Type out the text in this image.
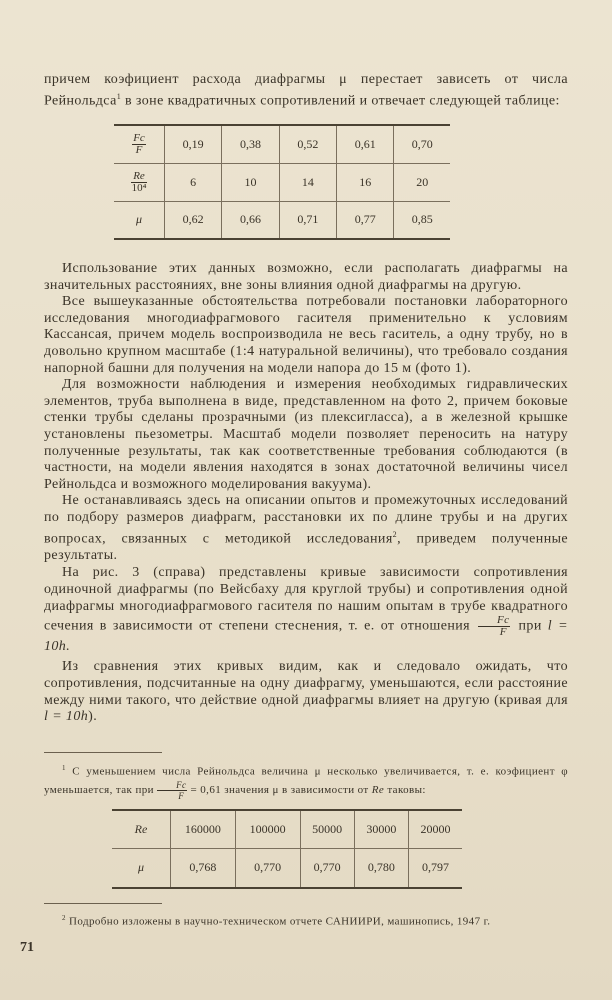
причем коэфициент расхода диафрагмы μ перестает зависеть от числа Рейнольдса$^1$ в зоне квадратичных сопротивлений и отвечает следующей таблице:

$\frac{Fc}{F}$	0,19	0,38	0,52	0,61	0,70

$\frac{Re}{\text{10⁴}}$	6	10	14	16	20
μ	0,62	0,66	0,71	0,77	0,85

Использование этих данных возможно, если располагать диафрагмы на значительных расстояниях, вне зоны влияния одной диафрагмы на другую.

Все вышеуказанные обстоятельства потребовали постановки лабораторного исследования многодиафрагмового гасителя применительно к условиям Кассансая, причем модель воспроизводила не весь гаситель, а одну трубу, но в довольно крупном масштабе (1:4 натуральной величины), что требовало создания напорной башни для получения на модели напора до 15 м (фото 1).

Для возможности наблюдения и измерения необходимых гидравлических элементов, труба выполнена в виде, представленном на фото 2, причем боковые стенки трубы сделаны прозрачными (из плексигласса), а в железной крышке установлены пьезометры. Масштаб модели позволяет переносить на натуру полученные результаты, так как соответственные требования соблюдаются (в частности, на модели явления находятся в зонах достаточной величины чисел Рейнольдса и возможного моделирования вакуума).

Не останавливаясь здесь на описании опытов и промежуточных исследований по подбору размеров диафрагм, расстановки их по длине трубы и на других вопросах, связанных с методикой исследования$^2$, приведем полученные результаты.

На рис. 3 (справа) представлены кривые зависимости сопротивления одиночной диафрагмы (по Вейсбаху для круглой трубы) и сопротивления одной диафрагмы многодиафрагмового гасителя по нашим опытам в трубе квадратного сечения в зависимости от степени стеснения, т. е. от отношения $\frac{Fc}{F}$ при l = 10h.

Из сравнения этих кривых видим, как и следовало ожидать, что сопротивления, подсчитанные на одну диафрагму, уменьшаются, если расстояние между ними такого, что действие одной диафрагмы влияет на другую (кривая для l = 10h).

$^1$ С уменьшением числа Рейнольдса величина μ несколько увеличивается, т. е. коэфициент φ уменьшается, так при $\frac{Fc}{F} = 0,61$ значения μ в зависимости от Re таковы:

Re	160000	100000	50000	30000	20000
μ	0,768	0,770	0,770	0,780	0,797

$^2$ Подробно изложены в научно-техническом отчете САНИИРИ, машинопись, 1947 г.

71
